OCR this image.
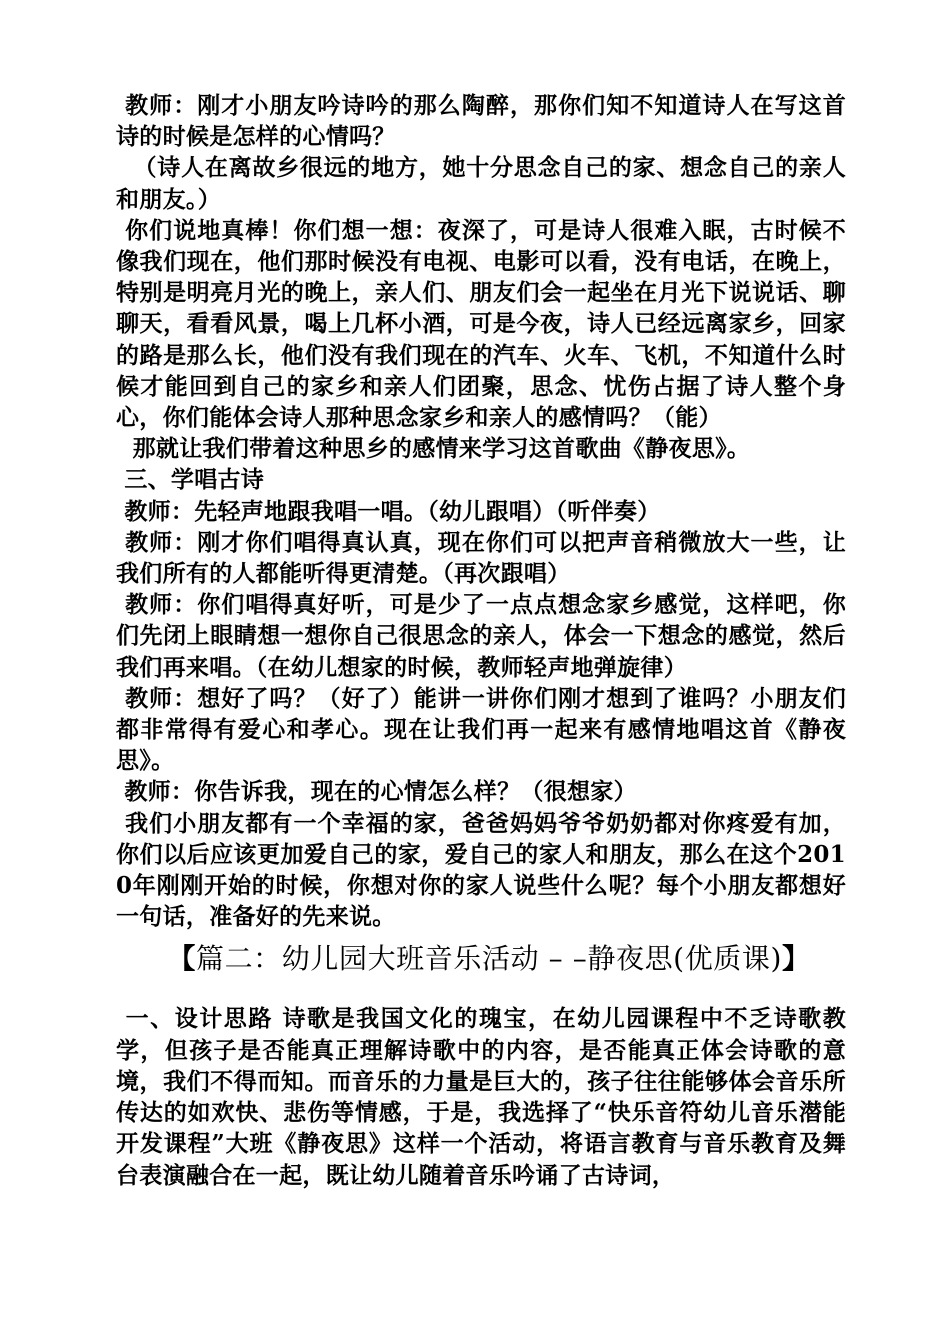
教师：刚才小朋友吟诗吟的那么陶醉，那你们知不知道诗人在写这首诗的时候是怎样的心情吗？

（诗人在离故乡很远的地方，她十分思念自己的家、想念自己的亲人和朋友。）

你们说地真棒！你们想一想：夜深了，可是诗人很难入眠，古时候不像我们现在，他们那时候没有电视、电影可以看，没有电话，在晚上，特别是明亮月光的晚上，亲人们、朋友们会一起坐在月光下说说话、聊聊天，看看风景，喝上几杯小酒，可是今夜，诗人已经远离家乡，回家的路是那么长，他们没有我们现在的汽车、火车、飞机，不知道什么时候才能回到自己的家乡和亲人们团聚，思念、忧伤占据了诗人整个身心，你们能体会诗人那种思念家乡和亲人的感情吗？（能）

那就让我们带着这种思乡的感情来学习这首歌曲《静夜思》。

三、学唱古诗

教师：先轻声地跟我唱一唱。（幼儿跟唱）（听伴奏）

教师：刚才你们唱得真认真，现在你们可以把声音稍微放大一些，让我们所有的人都能听得更清楚。（再次跟唱）

教师：你们唱得真好听，可是少了一点点想念家乡感觉，这样吧，你们先闭上眼睛想一想你自己很思念的亲人，体会一下想念的感觉，然后我们再来唱。（在幼儿想家的时候，教师轻声地弹旋律）

教师：想好了吗？（好了）能讲一讲你们刚才想到了谁吗？小朋友们都非常得有爱心和孝心。现在让我们再一起来有感情地唱这首《静夜思》。

教师：你告诉我，现在的心情怎么样？（很想家）

我们小朋友都有一个幸福的家，爸爸妈妈爷爷奶奶都对你疼爱有加，你们以后应该更加爱自己的家，爱自己的家人和朋友，那么在这个2010年刚刚开始的时候，你想对你的家人说些什么呢？每个小朋友都想好一句话，准备好的先来说。

【篇二：幼儿园大班音乐活动 – –静夜思(优质课)】

一、设计思路 诗歌是我国文化的瑰宝，在幼儿园课程中不乏诗歌教学，但孩子是否能真正理解诗歌中的内容，是否能真正体会诗歌的意境，我们不得而知。而音乐的力量是巨大的，孩子往往能够体会音乐所传达的如欢快、悲伤等情感，于是，我选择了“快乐音符幼儿音乐潜能开发课程”大班《静夜思》这样一个活动，将语言教育与音乐教育及舞台表演融合在一起，既让幼儿随着音乐吟诵了古诗词，
